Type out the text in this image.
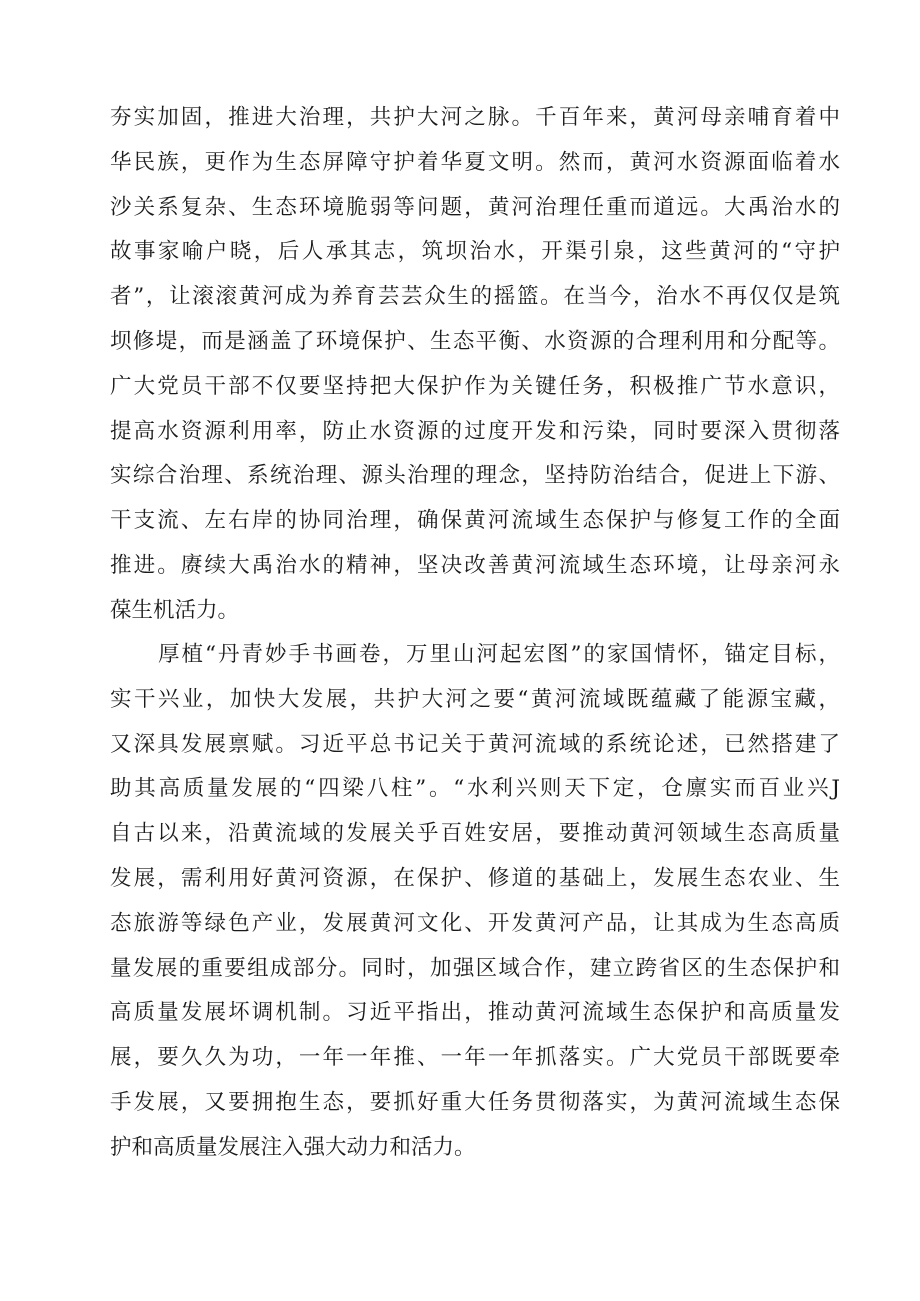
夯实加固，推进大治理，共护大河之脉。千百年来，黄河母亲哺育着中
华民族，更作为生态屏障守护着华夏文明。然而，黄河水资源面临着水
沙关系复杂、生态环境脆弱等问题，黄河治理任重而道远。大禹治水的
故事家喻户晓，后人承其志，筑坝治水，开渠引泉，这些黄河的“守护
者”，让滚滚黄河成为养育芸芸众生的摇篮。在当今，治水不再仅仅是筑
坝修堤，而是涵盖了环境保护、生态平衡、水资源的合理利用和分配等。
广大党员干部不仅要坚持把大保护作为关键任务，积极推广节水意识，
提高水资源利用率，防止水资源的过度开发和污染，同时要深入贯彻落
实综合治理、系统治理、源头治理的理念，坚持防治结合，促进上下游、
干支流、左右岸的协同治理，确保黄河流域生态保护与修复工作的全面
推进。赓续大禹治水的精神，坚决改善黄河流域生态环境，让母亲河永
葆生机活力。

厚植“丹青妙手书画卷，万里山河起宏图”的家国情怀，锚定目标，
实干兴业，加快大发展，共护大河之要“黄河流域既蕴藏了能源宝藏，
又深具发展禀赋。习近平总书记关于黄河流域的系统论述，已然搭建了
助其高质量发展的“四梁八柱”。“水利兴则天下定，仓廪实而百业兴J
自古以来，沿黄流域的发展关乎百姓安居，要推动黄河领域生态高质量
发展，需利用好黄河资源，在保护、修道的基础上，发展生态农业、生
态旅游等绿色产业，发展黄河文化、开发黄河产品，让其成为生态高质
量发展的重要组成部分。同时，加强区域合作，建立跨省区的生态保护和
高质量发展坏调机制。习近平指出，推动黄河流域生态保护和高质量发
展，要久久为功，一年一年推、一年一年抓落实。广大党员干部既要牵
手发展，又要拥抱生态，要抓好重大任务贯彻落实，为黄河流域生态保
护和高质量发展注入强大动力和活力。
